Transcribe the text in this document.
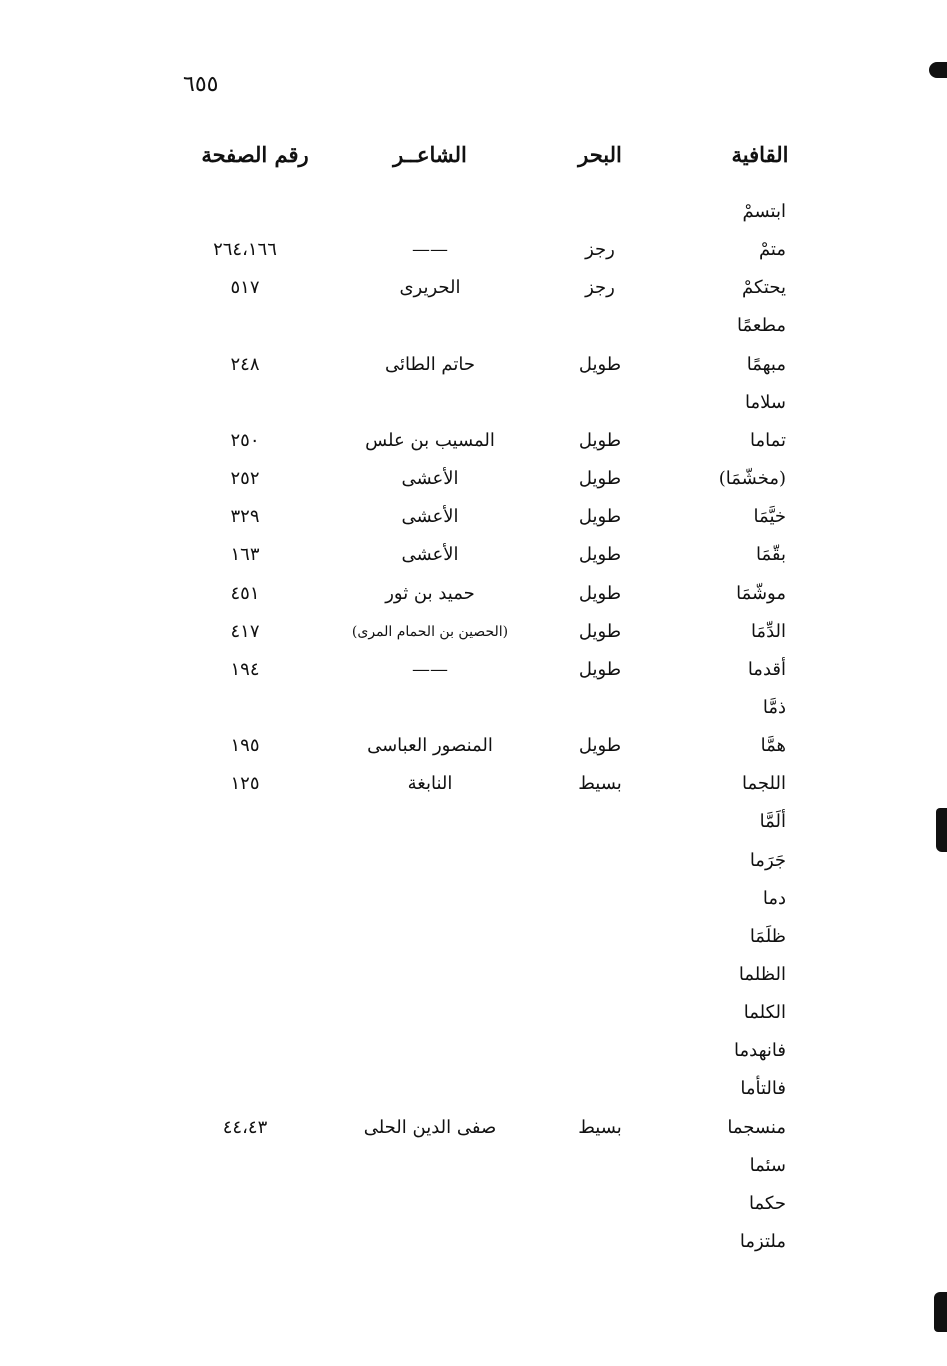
٦٥٥
القافية
البحر
الشاعــر
رقم الصفحة
ابتسمْ
متمْ
رجز
——
٢٦٤،١٦٦
يحتكمْ
رجز
الحريرى
٥١٧
مطعمًا
مبهمًا
طويل
حاتم الطائى
٢٤٨
سلاما
تماما
طويل
المسيب بن علس
٢٥٠
(مخشّمَا)
طويل
الأعشى
٢٥٢
خيَّمَا
طويل
الأعشى
٣٢٩
بقّمَا
طويل
الأعشى
١٦٣
موشّمَا
طويل
حميد بن ثور
٤٥١
الدِّمَا
طويل
(الحصين بن الحمام المرى)
٤١٧
أقدما
طويل
——
١٩٤
ذمَّا
همَّا
طويل
المنصور العباسى
١٩٥
اللجما
بسيط
النابغة
١٢٥
ألَمَّا
جَرَما
دما
ظلَمَا
الظلما
الكلما
فانهدما
فالتأما
منسجما
بسيط
صفى الدين الحلى
٤٤،٤٣
سئما
حكما
ملتزما
